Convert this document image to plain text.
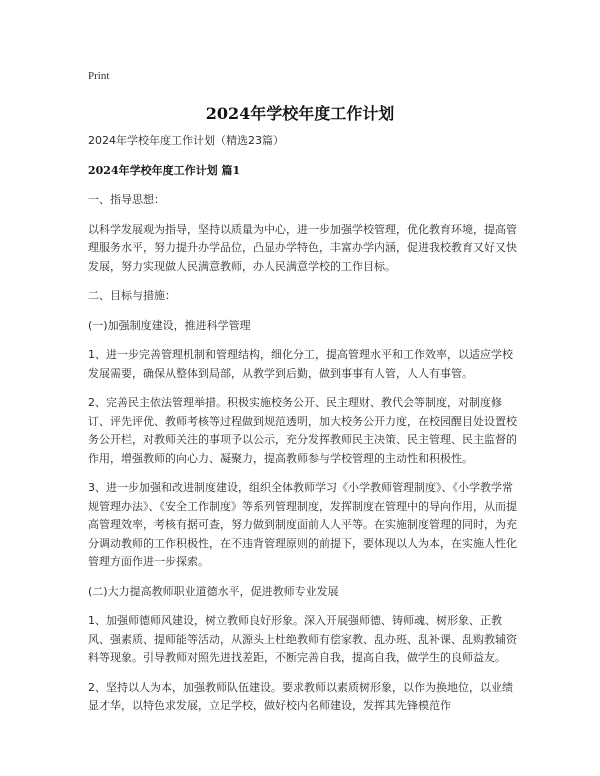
Print
2024年学校年度工作计划

2024年学校年度工作计划（精选23篇）

2024年学校年度工作计划 篇1

一、指导思想：

以科学发展观为指导，坚持以质量为中心，进一步加强学校管理，优化教育环境，提高管理服务水平，努力提升办学品位，凸显办学特色，丰富办学内涵，促进我校教育又好又快发展，努力实现做人民满意教师，办人民满意学校的工作目标。

二、目标与措施：

(一)加强制度建设，推进科学管理

1、进一步完善管理机制和管理结构，细化分工，提高管理水平和工作效率，以适应学校发展需要，确保从整体到局部，从教学到后勤，做到事事有人管，人人有事管。

2、完善民主依法管理举措。积极实施校务公开、民主理财、教代会等制度，对制度修订、评先评优、教师考核等过程做到规范透明，加大校务公开力度，在校园醒目处设置校务公开栏，对教师关注的事项予以公示，充分发挥教师民主决策、民主管理、民主监督的作用，增强教师的向心力、凝聚力，提高教师参与学校管理的主动性和积极性。

3、进一步加强和改进制度建设，组织全体教师学习《小学教师管理制度》、《小学教学常规管理办法》、《安全工作制度》等系列管理制度，发挥制度在管理中的导向作用，从而提高管理效率，考核有据可查，努力做到制度面前人人平等。在实施制度管理的同时，为充分调动教师的工作积极性，在不违背管理原则的前提下，要体现以人为本，在实施人性化管理方面作进一步探索。

(二)大力提高教师职业道德水平，促进教师专业发展

1、加强师德师风建设，树立教师良好形象。深入开展强师德、铸师魂、树形象、正教风、强素质、提师能等活动，从源头上杜绝教师有偿家教、乱办班、乱补课、乱购教辅资料等现象。引导教师对照先进找差距，不断完善自我，提高自我，做学生的良师益友。

2、坚持以人为本，加强教师队伍建设。要求教师以素质树形象，以作为换地位，以业绩显才华，以特色求发展，立足学校，做好校内名师建设，发挥其先锋模范作
